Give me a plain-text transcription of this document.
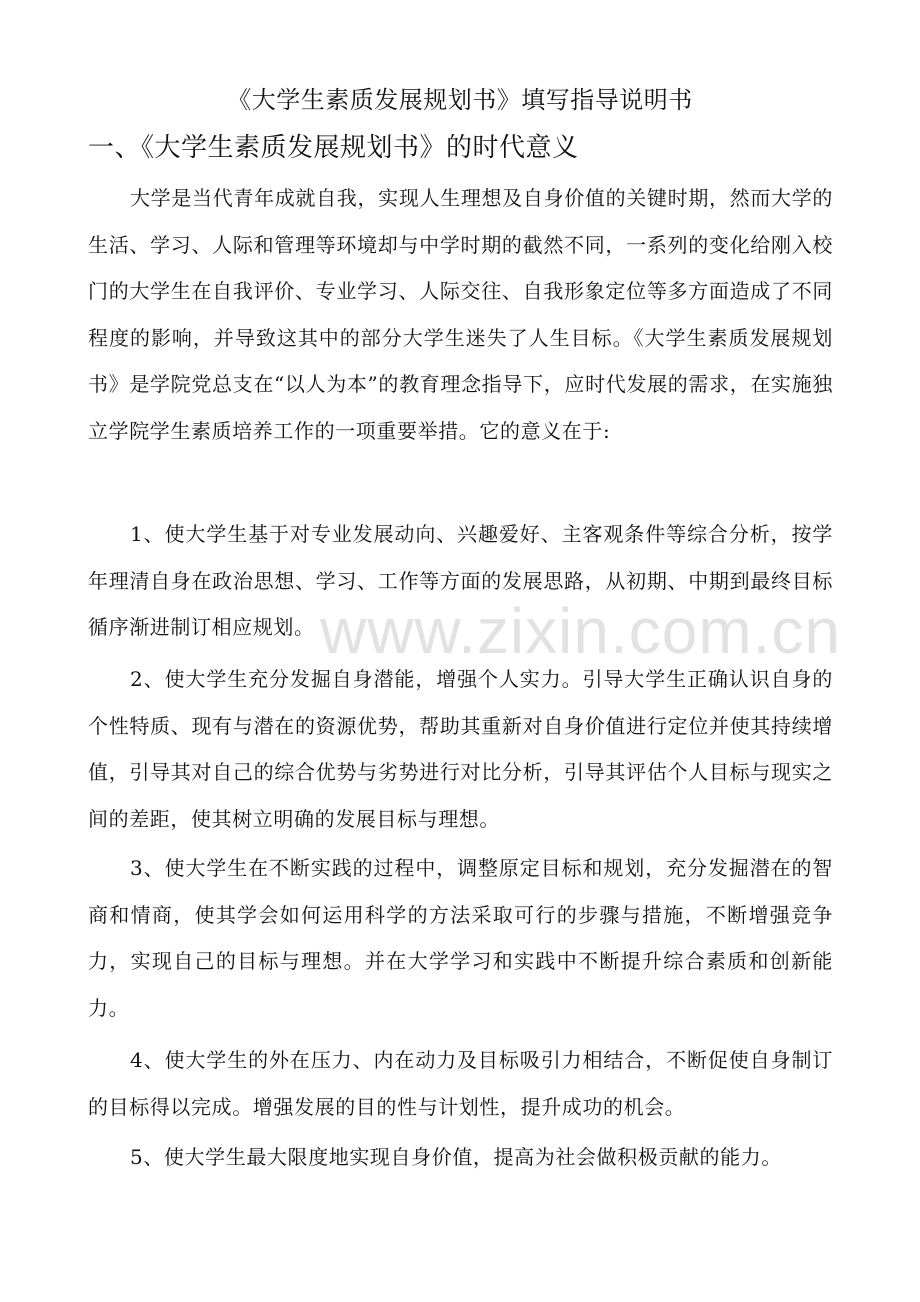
《大学生素质发展规划书》填写指导说明书
一、《大学生素质发展规划书》的时代意义

大学是当代青年成就自我，实现人生理想及自身价值的关键时期，然而大学的生活、学习、人际和管理等环境却与中学时期的截然不同，一系列的变化给刚入校门的大学生在自我评价、专业学习、人际交往、自我形象定位等多方面造成了不同程度的影响，并导致这其中的部分大学生迷失了人生目标。《大学生素质发展规划书》是学院党总支在“以人为本”的教育理念指导下，应时代发展的需求，在实施独立学院学生素质培养工作的一项重要举措。它的意义在于:

1、使大学生基于对专业发展动向、兴趣爱好、主客观条件等综合分析，按学年理清自身在政治思想、学习、工作等方面的发展思路，从初期、中期到最终目标循序渐进制订相应规划。

2、使大学生充分发掘自身潜能，增强个人实力。引导大学生正确认识自身的个性特质、现有与潜在的资源优势，帮助其重新对自身价值进行定位并使其持续增值，引导其对自己的综合优势与劣势进行对比分析，引导其评估个人目标与现实之间的差距，使其树立明确的发展目标与理想。

3、使大学生在不断实践的过程中，调整原定目标和规划，充分发掘潜在的智商和情商，使其学会如何运用科学的方法采取可行的步骤与措施，不断增强竞争力，实现自己的目标与理想。并在大学学习和实践中不断提升综合素质和创新能力。

4、使大学生的外在压力、内在动力及目标吸引力相结合，不断促使自身制订的目标得以完成。增强发展的目的性与计划性，提升成功的机会。

5、使大学生最大限度地实现自身价值，提高为社会做积极贡献的能力。

www.zixin.com.cn
